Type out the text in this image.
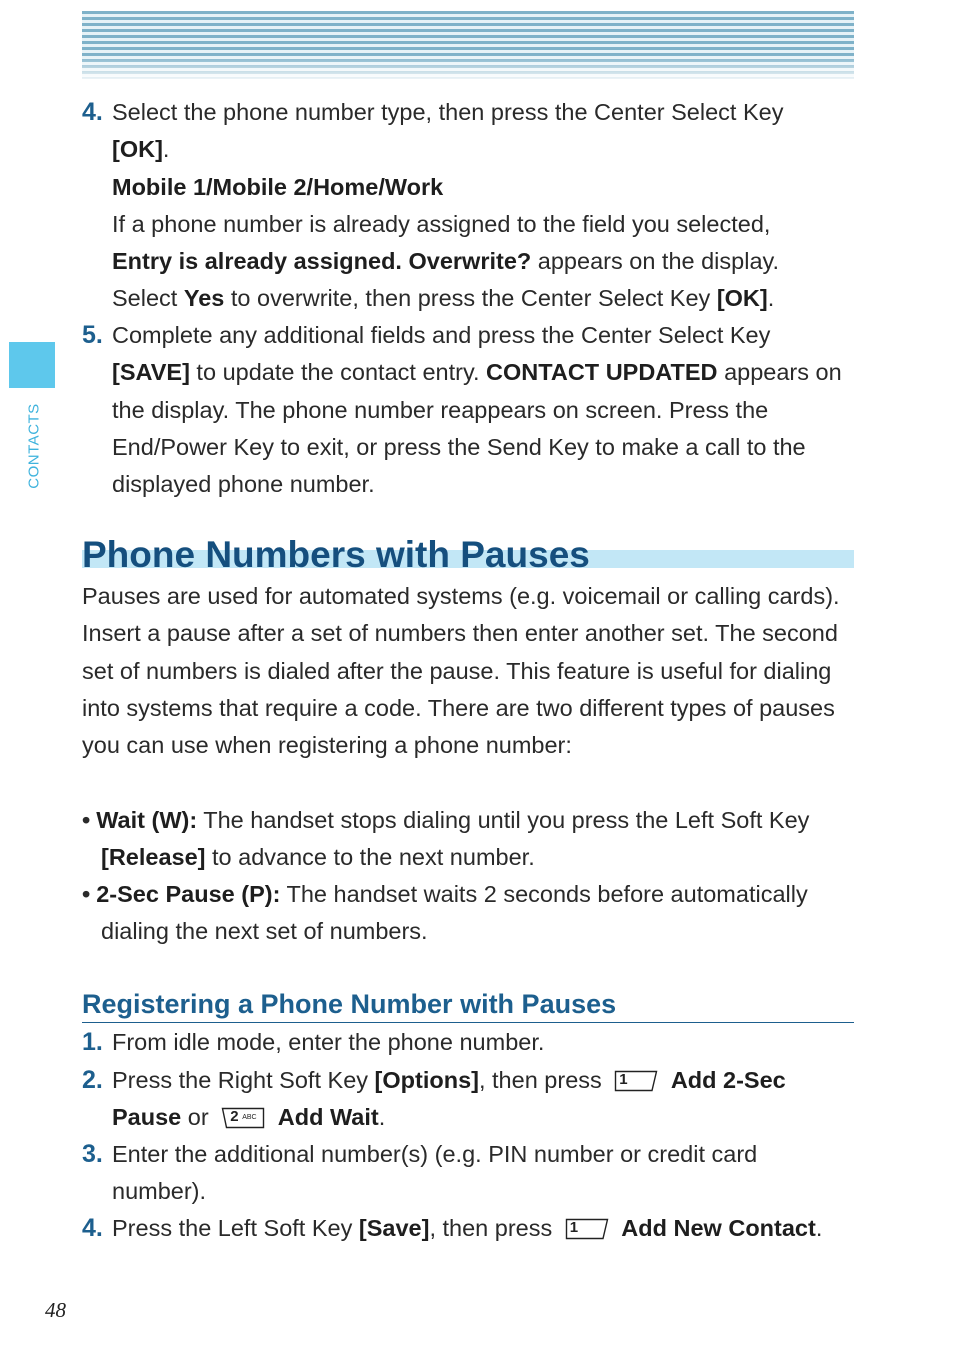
CONTACTS
4. Select the phone number type, then press the Center Select Key
[OK].
Mobile 1/Mobile 2/Home/Work
If a phone number is already assigned to the field you selected,
Entry is already assigned. Overwrite? appears on the display.
Select Yes to overwrite, then press the Center Select Key [OK].
5. Complete any additional fields and press the Center Select Key
[SAVE] to update the contact entry. CONTACT UPDATED appears on the display. The phone number reappears on screen. Press the End/Power Key to exit, or press the Send Key to make a call to the displayed phone number.
Phone Numbers with Pauses
Pauses are used for automated systems (e.g. voicemail or calling cards). Insert a pause after a set of numbers then enter another set. The second set of numbers is dialed after the pause. This feature is useful for dialing into systems that require a code. There are two different types of pauses you can use when registering a phone number:
• Wait (W): The handset stops dialing until you press the Left Soft Key [Release] to advance to the next number.
• 2-Sec Pause (P): The handset waits 2 seconds before automatically dialing the next set of numbers.
Registering a Phone Number with Pauses
1. From idle mode, enter the phone number.
2. Press the Right Soft Key [Options], then press 1 Add 2-Sec Pause or 2 ABC Add Wait.
3. Enter the additional number(s) (e.g. PIN number or credit card number).
4. Press the Left Soft Key [Save], then press 1 Add New Contact.
48
